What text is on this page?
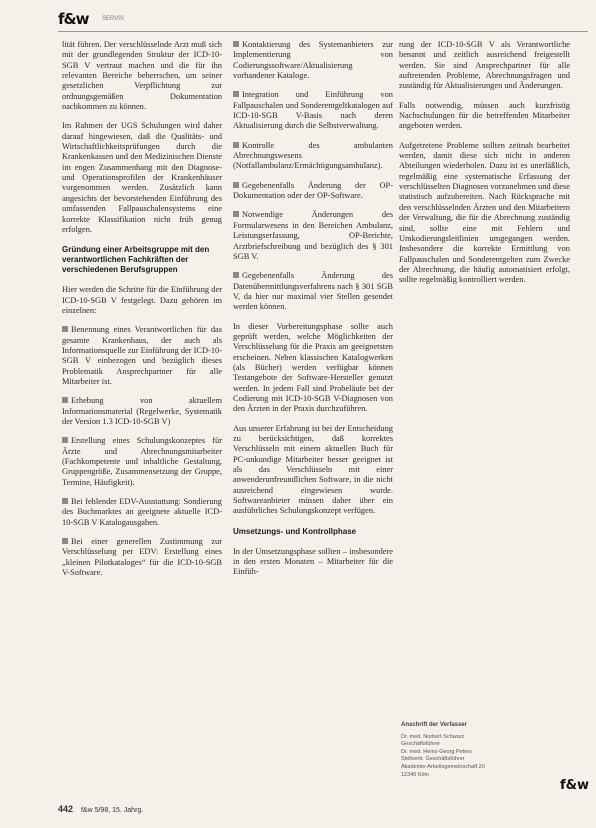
f&w SERVIS

lität führen. Der verschlüsselnde Arzt muß sich mit der grundlegenden Struktur der ICD-10-SGB V vertraut machen und die für ihn relevanten Bereiche beherrschen, um seiner gesetzlichen Verpflichtung zur ordnungsgemäßen Dokumentation nachkommen zu können.

Im Rahmen der UGS Schulungen wird daher darauf hingewiesen, daß die Qualitäts- und Wirtschaftlichkeitsprüfungen durch die Krankenkassen und den Medizinischen Dienste im engen Zusammenhang mit den Diagnose- und Operationsprofilen der Krankenhäuser vorgenommen werden. Zusätzlich kann angesichts der bevorstehenden Einführung des umfassenden Fallpauschalensystems eine korrekte Klassifikation nicht früh genug erfolgen.

Gründung einer Arbeitsgruppe mit den verantwortlichen Fachkräften der verschiedenen Berufsgruppen

Hier werden die Schritte für die Einführung der ICD-10-SGB V festgelegt. Dazu gehören im einzelnen:

Benennung eines Verantwortlichen für das gesamte Krankenhaus, der auch als Informationsquelle zur Einführung der ICD-10-SGB V einbezogen und bezüglich dieses Problematik Ansprechpartner für alle Mitarbeiter ist.

Erhebung von aktuellem Informationsmaterial (Regelwerke, Systematik der Version 1.3 ICD-10-SGB V)

Erstellung eines Schulungskonzeptes für Ärzte und Abrechnungsmitarbeiter (Fachkompetente und inhaltliche Gestaltung, Gruppengröße, Zusammensetzung der Gruppe, Termine, Häufigkeit).

Bei fehlender EDV-Ausstattung: Sondierung des Buchmarktes an geeignete aktuelle ICD-10-SGB V Katalogausgaben.

Bei einer generellen Zustimmung zur Verschlüsselung per EDV: Erstellung eines „kleinen Pilotkataloges“ für die ICD-10-SGB V-Software.

Kontaktierung des Systemanbieters zur Implementierung von Codierungssoftware/Aktualisierung vorhandener Kataloge.

Integration und Einführung von Fallpauschalen und Sonderentgeltkatalogen auf ICD-10-SGB V-Basis nach deren Aktualisierung durch die Selbstverwaltung.

Kontrolle des ambulanten Abrechnungswesens (Notfallambulanz/Ermächtigungsambulanz).

Gegebenenfalls Änderung der OP-Dokumentation oder der OP-Software.

Notwendige Änderungen des Formularwesens in den Bereichen Ambulanz, Leistungserfassung, OP-Berichte, Arztbriefschreibung und bezüglich des § 301 SGB V.

Gegebenenfalls Änderung des Datenübermittlungsverfahrens nach § 301 SGB V, da hier nur maximal vier Stellen gesendet werden können.

In dieser Vorbereitungsphase sollte auch geprüft werden, welche Möglichkeiten der Verschlüsselung für die Praxis am geeignetsten erscheinen. Neben klassischen Katalogwerken (als Bücher) werden verfügbar können Testangebote der Software-Hersteller genutzt werden. In jedem Fall sind Probeläufe bei der Codierung mit ICD-10-SGB V-Diagnosen von den Ärzten in der Praxis durchzuführen.

Aus unserer Erfahrung ist bei der Entscheidung zu berücksichtigen, daß korrektes Verschlüsseln mit einem aktuellen Buch für PC-unkundige Mitarbeiter besser geeignet ist als das Verschlüsseln mit einer anwenderunfreundlichen Software, in die nicht ausreichend eingewiesen wurde. Softwareanbieter müssen daher über ein ausführliches Schulungskonzept verfügen.

Umsetzungs- und Kontrollphase

In der Umsetzungsphase sollten – insbesondere in den ersten Monaten – Mitarbeiter für die Einfüh-

rung der ICD-10-SGB V als Verantwortliche benannt und zeitlich ausreichend freigestellt werden. Sie sind Ansprechpartner für alle auftretenden Probleme, Abrechnungsfragen und zuständig für Aktualisierungen und Änderungen.

Falls notwendig, müssen auch kurzfristig Nachschulungen für die betreffenden Mitarbeiter angeboten werden.

Aufgetretene Probleme sollten zeitnah bearbeitet werden, damit diese sich nicht in anderen Abteilungen wiederholen. Dazu ist es unerläßlich, regelmäßig eine systematische Erfassung der verschlüsselten Diagnosen vorzunehmen und diese statistisch aufzubereiten. Nach Rücksprache mit den verschlüsselnden Ärzten und den Mitarbeitern der Verwaltung, die für die Abrechnung zuständig sind, sollte eine mit Fehlern und Umkodierungsleitlinien umgegangen werden. Insbesondere die korrekte Ermittlung von Fallpauschalen und Sonderentgelten zum Zwecke der Abrechnung, die häufig automatisiert erfolgt, sollte regelmäßig kontrolliert werden.

Anschrift der Verfasser
Dr. med. Norbert Schwarz
Geschäftsführer
Dr. med. Heinz-Georg Peters
Stellvertr. Geschäftsführer
Akademie-Arbeitsgemeinschaft 20
12345 Köln
f&w
442 f&w 5/98, 15. Jahrg.
